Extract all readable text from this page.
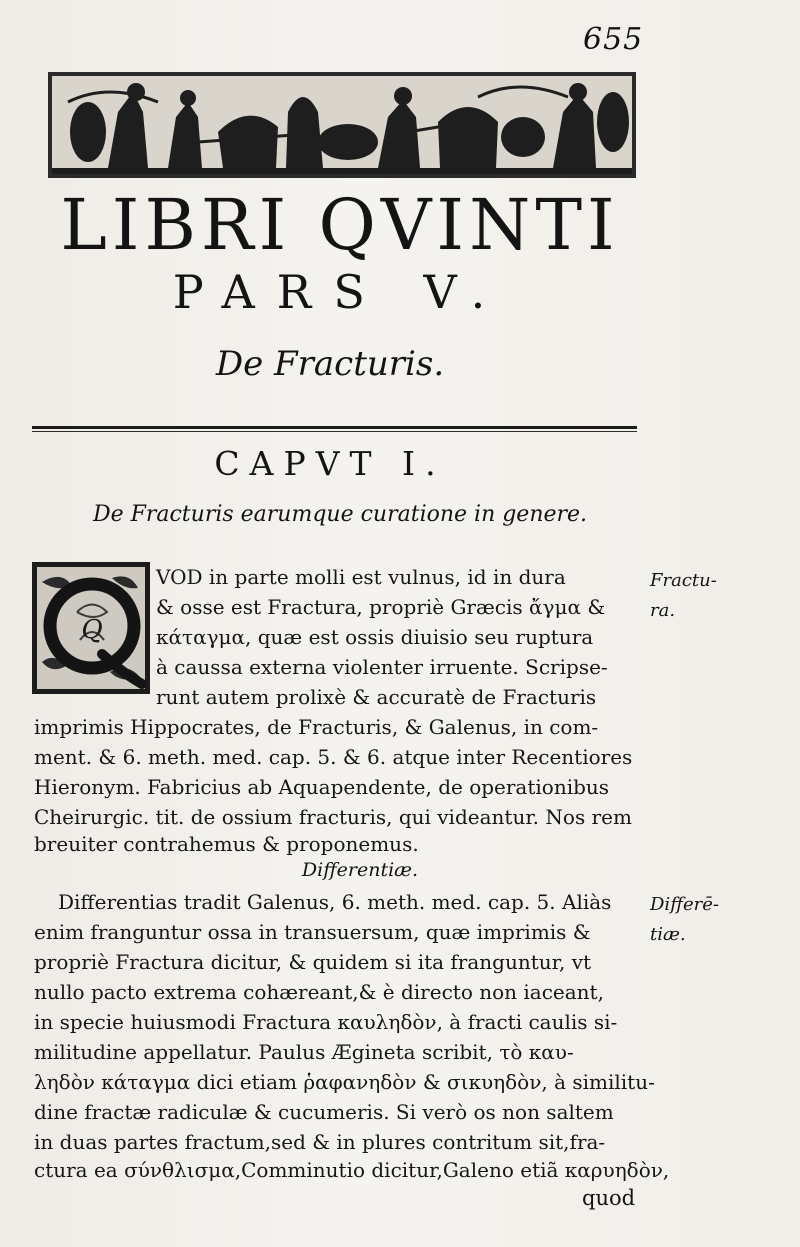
655
LIBRI QVINTI
PARS V.
De Fracturis.
CAPVT I.
De Fracturis earumque curatione in genere.
Q
VOD in parte molli est vulnus, id in dura
& osse est Fractura, propriè Græcis ἄγμα &
κάταγμα, quæ est ossis diuisio seu ruptura
à caussa externa violenter irruente. Scripse-
runt autem prolixè & accuratè de Fracturis
imprimis Hippocrates, de Fracturis, & Galenus, in com-
ment. & 6. meth. med. cap. 5. & 6. atque inter Recentiores
Hieronym. Fabricius ab Aquapendente, de operationibus
Cheirurgic. tit. de ossium fracturis, qui videantur. Nos rem
breuiter contrahemus & proponemus.
Differentiæ.
Differentias tradit Galenus, 6. meth. med. cap. 5. Aliàs
enim franguntur ossa in transuersum, quæ imprimis &
propriè Fractura dicitur, & quidem si ita franguntur, vt
nullo pacto extrema cohæreant,& è directo non iaceant,
in specie huiusmodi Fractura καυληδὸν, à fracti caulis si-
militudine appellatur. Paulus Ægineta scribit, τὸ καυ-
ληδὸν κάταγμα dici etiam ῥαφανηδὸν & σικυηδὸν, à similitu-
dine fractæ radiculæ & cucumeris. Si verò os non saltem
in duas partes fractum,sed & in plures contritum sit,fra-
ctura ea σύνθλισμα,Comminutio dicitur,Galeno etiã καρυηδὸν,
quod
Fractu-
ra.
Differē-
tiæ.
